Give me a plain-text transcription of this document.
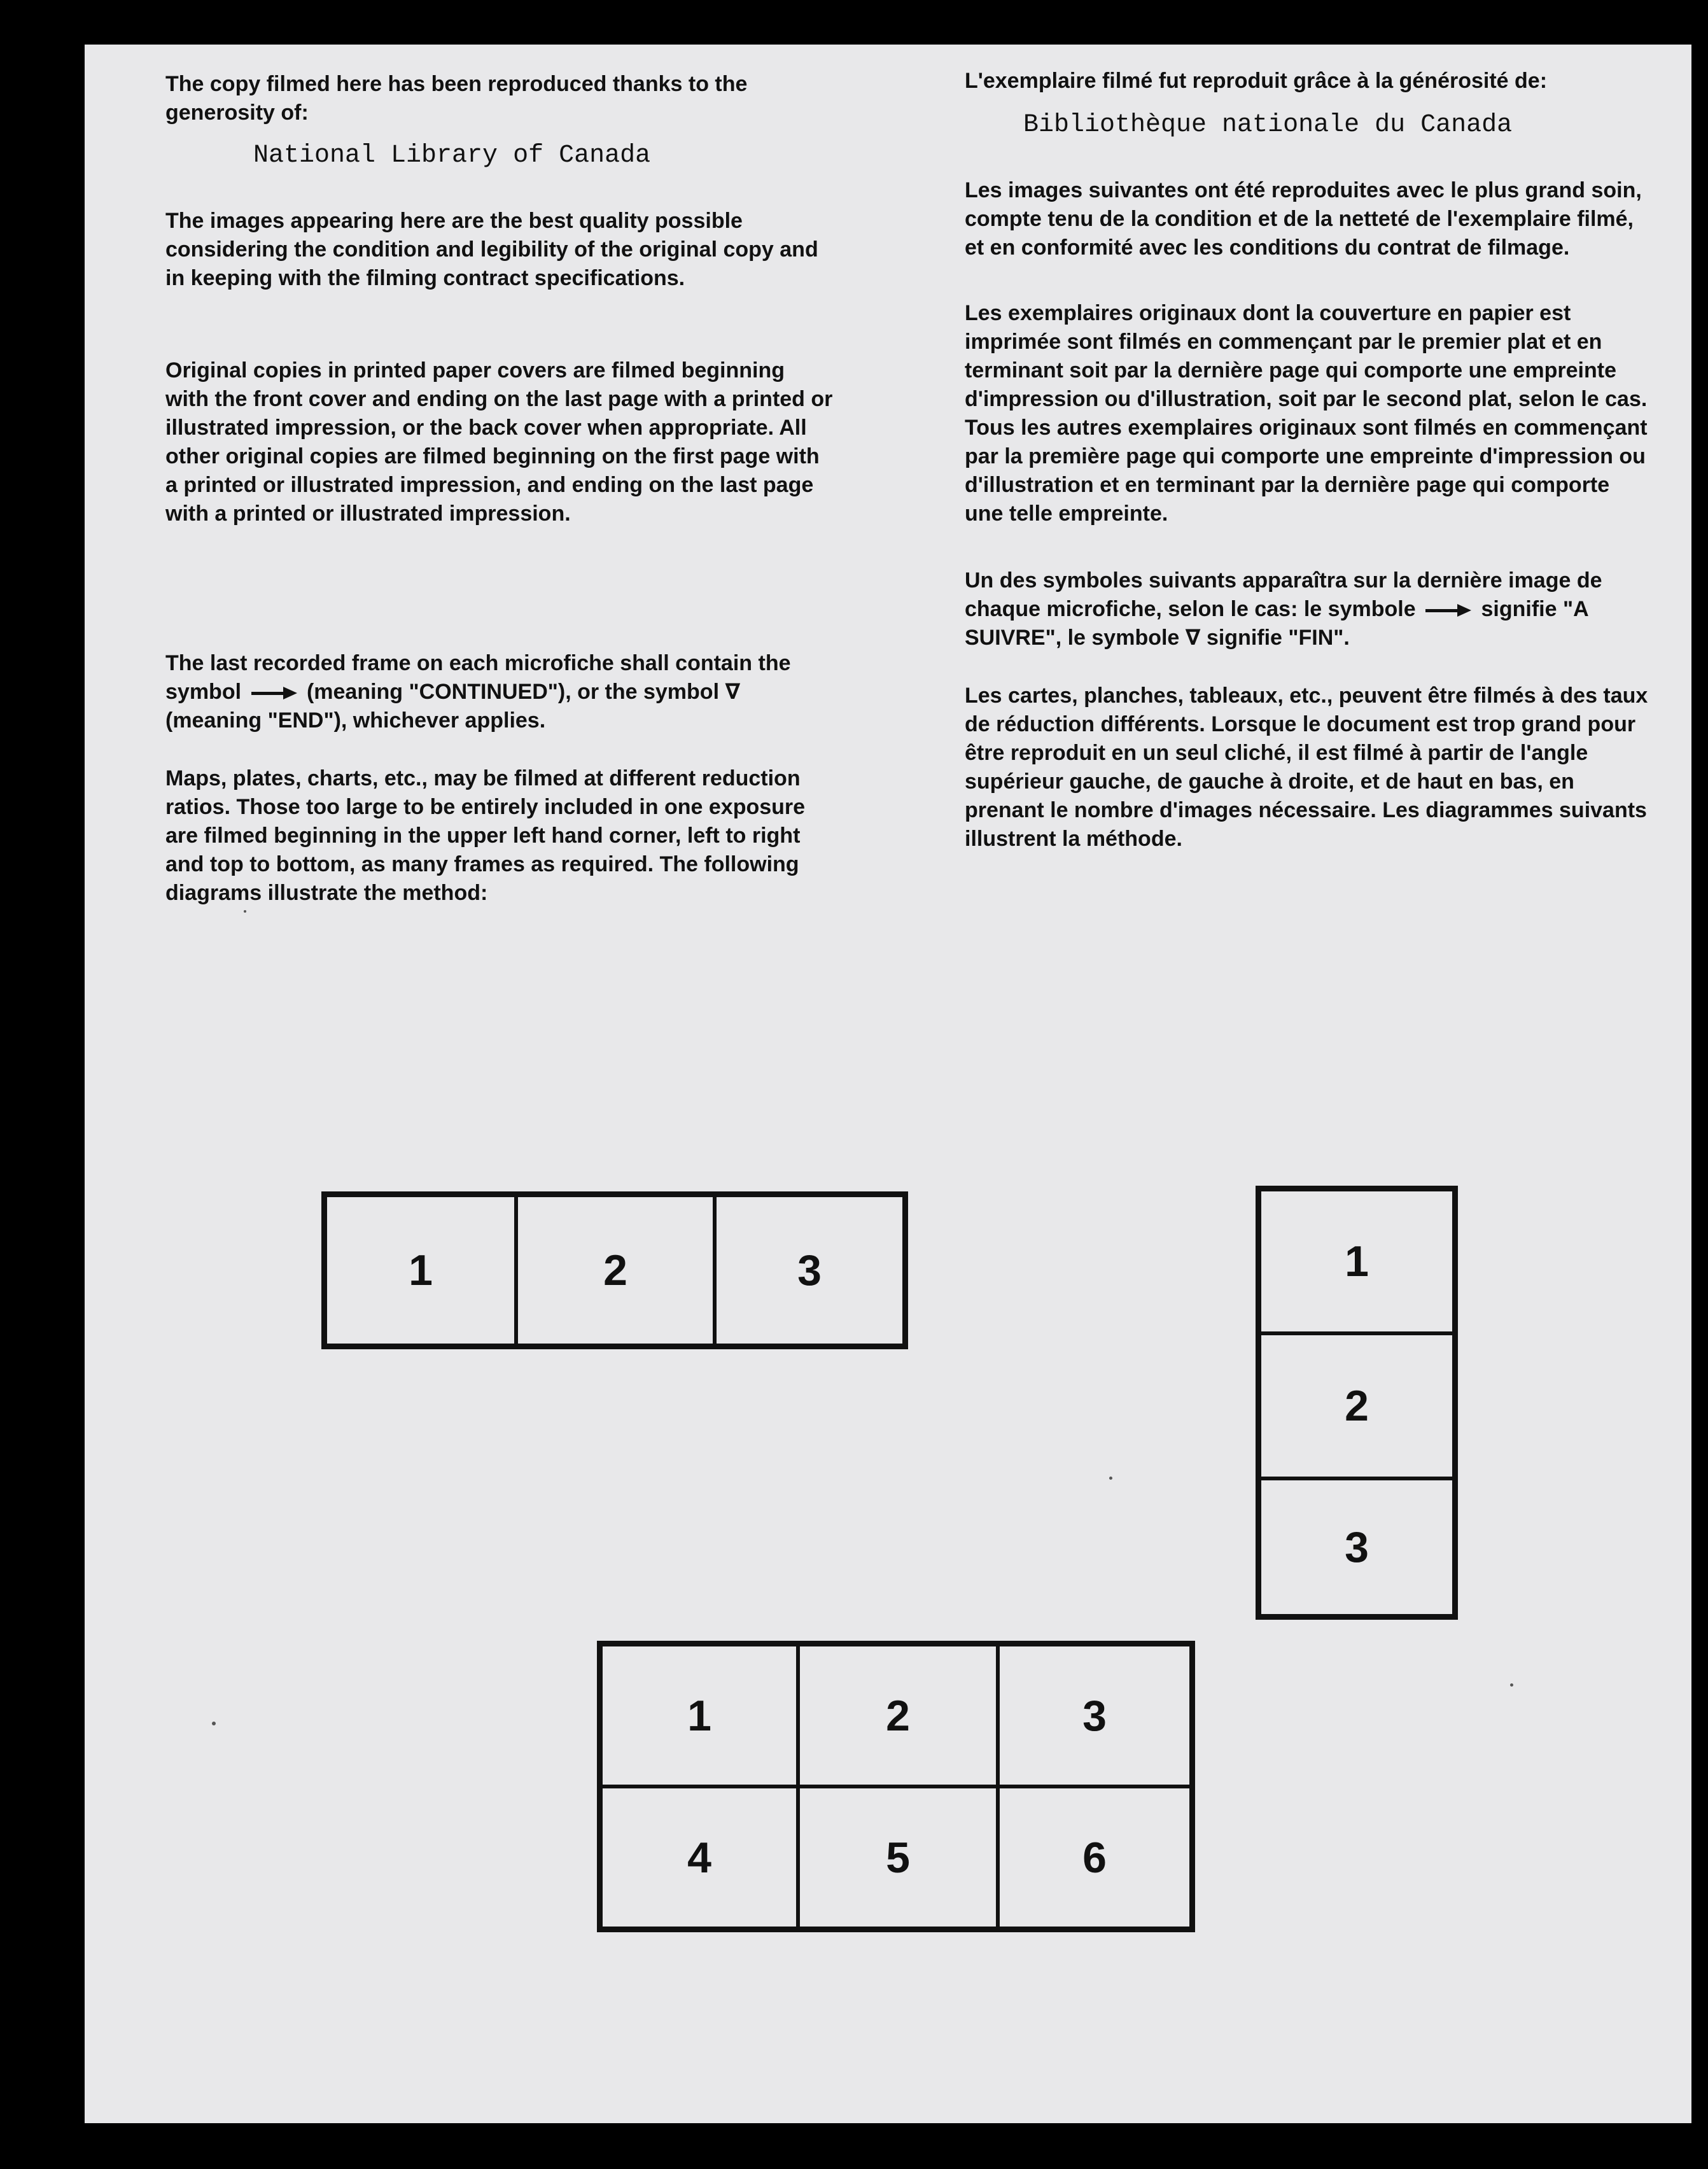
The copy filmed here has been reproduced thanks to the generosity of:

National Library of Canada

The images appearing here are the best quality possible considering the condition and legibility of the original copy and in keeping with the filming contract specifications.

Original copies in printed paper covers are filmed beginning with the front cover and ending on the last page with a printed or illustrated impression, or the back cover when appropriate. All other original copies are filmed beginning on the first page with a printed or illustrated impression, and ending on the last page with a printed or illustrated impression.

The last recorded frame on each microfiche shall contain the symbol	(meaning "CONTINUED"), or the symbol ∇ (meaning "END"), whichever applies.

Maps, plates, charts, etc., may be filmed at different reduction ratios. Those too large to be entirely included in one exposure are filmed beginning in the upper left hand corner, left to right and top to bottom, as many frames as required. The following diagrams illustrate the method:

L'exemplaire filmé fut reproduit grâce à la générosité de:

Bibliothèque nationale du Canada

Les images suivantes ont été reproduites avec le plus grand soin, compte tenu de la condition et de la netteté de l'exemplaire filmé, et en conformité avec les conditions du contrat de filmage.

Les exemplaires originaux dont la couverture en papier est imprimée sont filmés en commençant par le premier plat et en terminant soit par la dernière page qui comporte une empreinte d'impression ou d'illustration, soit par le second plat, selon le cas. Tous les autres exemplaires originaux sont filmés en commençant par la première page qui comporte une empreinte d'impression ou d'illustration et en terminant par la dernière page qui comporte une telle empreinte.

Un des symboles suivants apparaîtra sur la dernière image de chaque microfiche, selon le cas: le symbole	signifie "A SUIVRE", le symbole ∇ signifie "FIN".

Les cartes, planches, tableaux, etc., peuvent être filmés à des taux de réduction différents. Lorsque le document est trop grand pour être reproduit en un seul cliché, il est filmé à partir de l'angle supérieur gauche, de gauche à droite, et de haut en bas, en prenant le nombre d'images nécessaire. Les diagrammes suivants illustrent la méthode.

1	2	3	1
2
3
1	2	3
4	5	6
